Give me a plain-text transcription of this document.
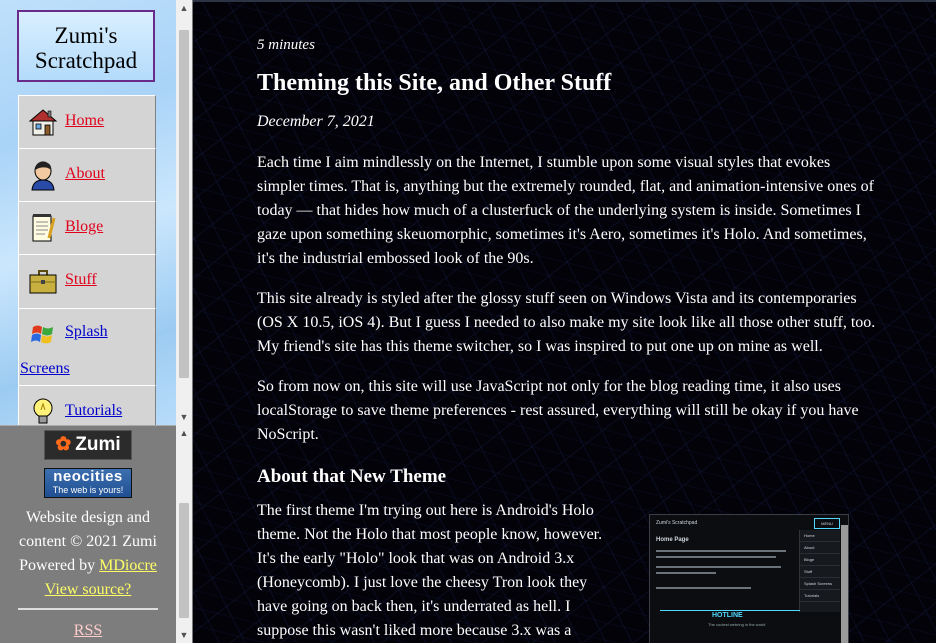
Zumi's
Scratchpad
Home
About
Bloge
Stuff
Splash
Screens
Tutorials
▲
▼
✿ Zumi
neocities
The web is yours!
Website design and
content © 2021 Zumi
Powered by MDiocre
View source?
RSS
▲
▼
5 minutes
Theming this Site, and Other Stuff
December 7, 2021

Each time I aim mindlessly on the Internet, I stumble upon some visual styles that evokes simpler times. That is, anything but the extremely rounded, flat, and animation-intensive ones of today — that hides how much of a clusterfuck of the underlying system is inside. Sometimes I gaze upon something skeuomorphic, sometimes it's Aero, sometimes it's Holo. And sometimes, it's the industrial embossed look of the 90s.

This site already is styled after the glossy stuff seen on Windows Vista and its contemporaries (OS X 10.5, iOS 4). But I guess I needed to also make my site look like all those other stuff, too. My friend's site has this theme switcher, so I was inspired to put one up on mine as well.

So from now on, this site will use JavaScript not only for the blog reading time, it also uses localStorage to save theme preferences - rest assured, everything will still be okay if you have NoScript.

About that New Theme

The first theme I'm trying out here is Android's Holo theme. Not the Holo that most people know, however. It's the early "Holo" look that was on Android 3.x (Honeycomb). I just love the cheesy Tron look they have going on back then, it's underrated as hell. I suppose this wasn't liked more because 3.x was a

Zumi's Scratchpad	MENU
Home Page
Home
About
Bloge
Stuff
Splash Screens
Tutorials
HOTLINE
The coolest webring in the world
